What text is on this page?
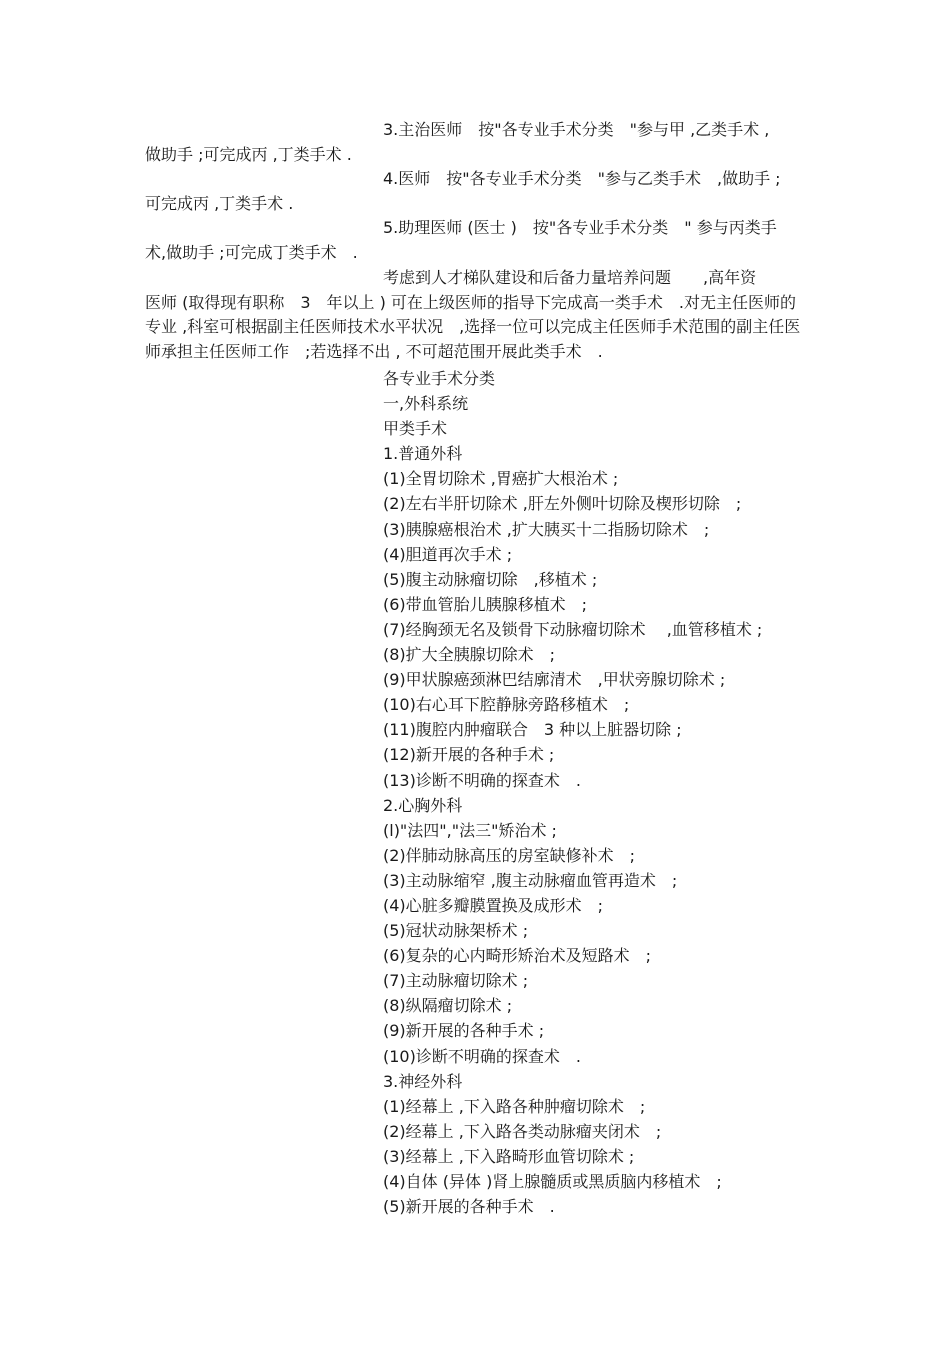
3.主治医师　按"各专业手术分类　"参与甲 ,乙类手术 ,
做助手 ;可完成丙 ,丁类手术 .

4.医师　按"各专业手术分类　"参与乙类手术　,做助手 ;
可完成丙 ,丁类手术 .

5.助理医师 (医士 )　按"各专业手术分类　" 参与丙类手
术,做助手 ;可完成丁类手术　.

考虑到人才梯队建设和后备力量培养问题　　,高年资
医师 (取得现有职称　3　年以上 ) 可在上级医师的指导下完成高一类手术　.对无主任医师的专业 ,科室可根据副主任医师技术水平状况　,选择一位可以完成主任医师手术范围的副主任医师承担主任医师工作　;若选择不出 , 不可超范围开展此类手术　.

各专业手术分类
一,外科系统
甲类手术
1.普通外科
(1)全胃切除术 ,胃癌扩大根治术 ;
(2)左右半肝切除术 ,肝左外侧叶切除及楔形切除　;
(3)胰腺癌根治术 ,扩大胰买十二指肠切除术　;
(4)胆道再次手术 ;
(5)腹主动脉瘤切除　,移植术 ;
(6)带血管胎儿胰腺移植术　;
(7)经胸颈无名及锁骨下动脉瘤切除术　 ,血管移植术 ;
(8)扩大全胰腺切除术　;
(9)甲状腺癌颈淋巴结廓清术　,甲状旁腺切除术 ;
(10)右心耳下腔静脉旁路移植术　;
(11)腹腔内肿瘤联合　3 种以上脏器切除 ;
(12)新开展的各种手术 ;
(13)诊断不明确的探查术　.
2.心胸外科
(l)"法四","法三"矫治术 ;
(2)伴肺动脉高压的房室缺修补术　;
(3)主动脉缩窄 ,腹主动脉瘤血管再造术　;
(4)心脏多瓣膜置换及成形术　;
(5)冠状动脉架桥术 ;
(6)复杂的心内畸形矫治术及短路术　;
(7)主动脉瘤切除术 ;
(8)纵隔瘤切除术 ;
(9)新开展的各种手术 ;
(10)诊断不明确的探查术　.
3.神经外科
(1)经幕上 ,下入路各种肿瘤切除术　;
(2)经幕上 ,下入路各类动脉瘤夹闭术　;
(3)经幕上 ,下入路畸形血管切除术 ;
(4)自体 (异体 )肾上腺髓质或黑质脑内移植术　;
(5)新开展的各种手术　.
